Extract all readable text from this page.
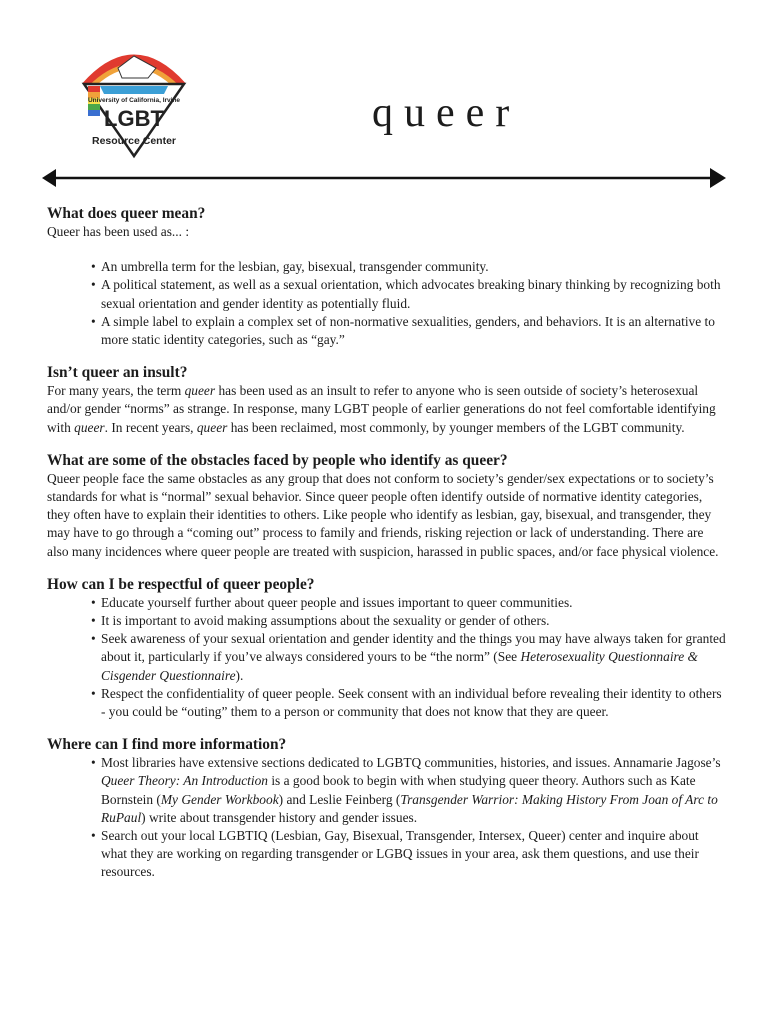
University of California, Irvine
LGBT
Resource Center
queer
What does queer mean?

Queer has been used as... :

• An umbrella term for the lesbian, gay, bisexual, transgender community.
• A political statement, as well as a sexual orientation, which advocates breaking binary thinking by recognizing both sexual orientation and gender identity as potentially fluid.
• A simple label to explain a complex set of non-normative sexualities, genders, and behaviors. It is an alternative to more static identity categories, such as “gay.”
Isn’t queer an insult?

For many years, the term queer has been used as an insult to refer to anyone who is seen outside of society’s heterosexual and/or gender “norms” as strange. In response, many LGBT people of earlier generations do not feel comfortable identifying with queer. In recent years, queer has been reclaimed, most commonly, by younger members of the LGBT community.

What are some of the obstacles faced by people who identify as queer?

Queer people face the same obstacles as any group that does not conform to society’s gender/sex expectations or to society’s standards for what is “normal” sexual behavior. Since queer people often identify outside of normative identity categories, they often have to explain their identities to others. Like people who identify as lesbian, gay, bisexual, and transgender, they may have to go through a “coming out” process to family and friends, risking rejection or lack of understanding. There are also many incidences where queer people are treated with suspicion, harassed in public spaces, and/or face physical violence.

How can I be respectful of queer people?
• Educate yourself further about queer people and issues important to queer communities.
• It is important to avoid making assumptions about the sexuality or gender of others.
• Seek awareness of your sexual orientation and gender identity and the things you may have always taken for granted about it, particularly if you’ve always considered yours to be “the norm” (See Heterosexuality Questionnaire & Cisgender Questionnaire).
• Respect the confidentiality of queer people. Seek consent with an individual before revealing their identity to others - you could be “outing” them to a person or community that does not know that they are queer.
Where can I find more information?
• Most libraries have extensive sections dedicated to LGBTQ communities, histories, and issues. Annamarie Jagose’s Queer Theory: An Introduction is a good book to begin with when studying queer theory. Authors such as Kate Bornstein (My Gender Workbook) and Leslie Feinberg (Transgender Warrior: Making History From Joan of Arc to RuPaul) write about transgender history and gender issues.
• Search out your local LGBTIQ (Lesbian, Gay, Bisexual, Transgender, Intersex, Queer) center and inquire about what they are working on regarding transgender or LGBQ issues in your area, ask them questions, and use their resources.
